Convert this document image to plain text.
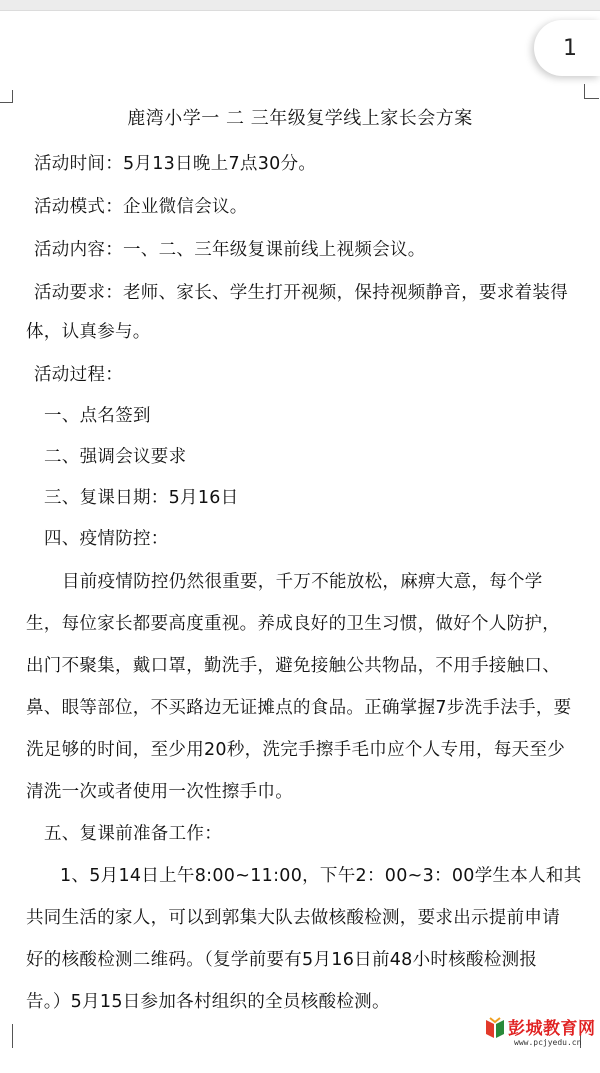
1
鹿湾小学一 二 三年级复学线上家长会方案
活动时间：5月13日晚上7点30分。
活动模式：企业微信会议。
活动内容：一、二、三年级复课前线上视频会议。
活动要求：老师、家长、学生打开视频，保持视频静音，要求着装得
体，认真参与。
活动过程：
一、点名签到
二、强调会议要求
三、复课日期：5月16日
四、疫情防控：
目前疫情防控仍然很重要，千万不能放松，麻痹大意，每个学
生，每位家长都要高度重视。养成良好的卫生习惯，做好个人防护，
出门不聚集，戴口罩，勤洗手，避免接触公共物品，不用手接触口、
鼻、眼等部位，不买路边无证摊点的食品。正确掌握7步洗手法手，要
洗足够的时间，至少用20秒，洗完手擦手毛巾应个人专用，每天至少
清洗一次或者使用一次性擦手巾。
五、复课前准备工作：
1、5月14日上午8:00~11:00，下午2：00~3：00学生本人和其
共同生活的家人，可以到郭集大队去做核酸检测，要求出示提前申请
好的核酸检测二维码。（复学前要有5月16日前48小时核酸检测报
告。）5月15日参加各村组织的全员核酸检测。
彭城教育网
www.pcjyedu.cn
